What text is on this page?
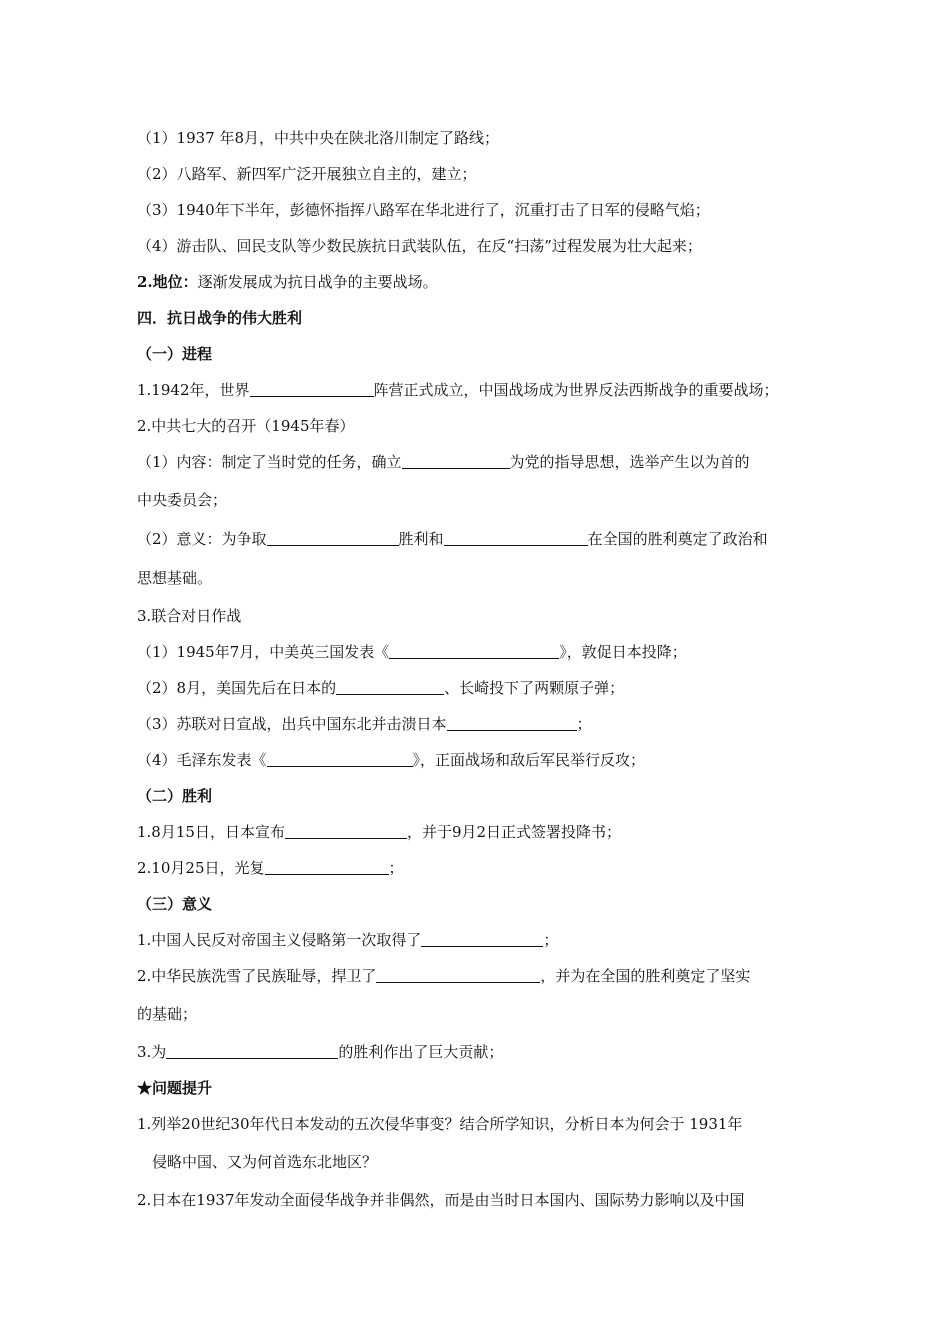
（1）1937 年8月，中共中央在陕北洛川制定了路线；
（2）八路军、新四军广泛开展独立自主的，建立；
（3）1940年下半年，彭德怀指挥八路军在华北进行了，沉重打击了日军的侵略气焰；
（4）游击队、回民支队等少数民族抗日武装队伍，在反“扫荡”过程发展为壮大起来；
2.地位：逐渐发展成为抗日战争的主要战场。
四．抗日战争的伟大胜利
（一）进程
1.1942年，世界	阵营正式成立，中国战场成为世界反法西斯战争的重要战场；
2.中共七大的召开（1945年春）
（1）内容：制定了当时党的任务，确立	为党的指导思想，选举产生以为首的
中央委员会；
（2）意义：为争取	胜利和	在全国的胜利奠定了政治和
思想基础。
3.联合对日作战
（1）1945年7月，中美英三国发表《	》，敦促日本投降；
（2）8月，美国先后在日本的	、长崎投下了两颗原子弹；
（3）苏联对日宣战，出兵中国东北并击溃日本	；
（4）毛泽东发表《	》，正面战场和敌后军民举行反攻；
（二）胜利
1.8月15日，日本宣布	，并于9月2日正式签署投降书；
2.10月25日，光复	；
（三）意义
1.中国人民反对帝国主义侵略第一次取得了	；
2.中华民族洗雪了民族耻辱，捍卫了	，并为在全国的胜利奠定了坚实
的基础；
3.为	的胜利作出了巨大贡献；
★问题提升
1.列举20世纪30年代日本发动的五次侵华事变？结合所学知识，分析日本为何会于 1931年
侵略中国、又为何首选东北地区？
2.日本在1937年发动全面侵华战争并非偶然，而是由当时日本国内、国际势力影响以及中国
